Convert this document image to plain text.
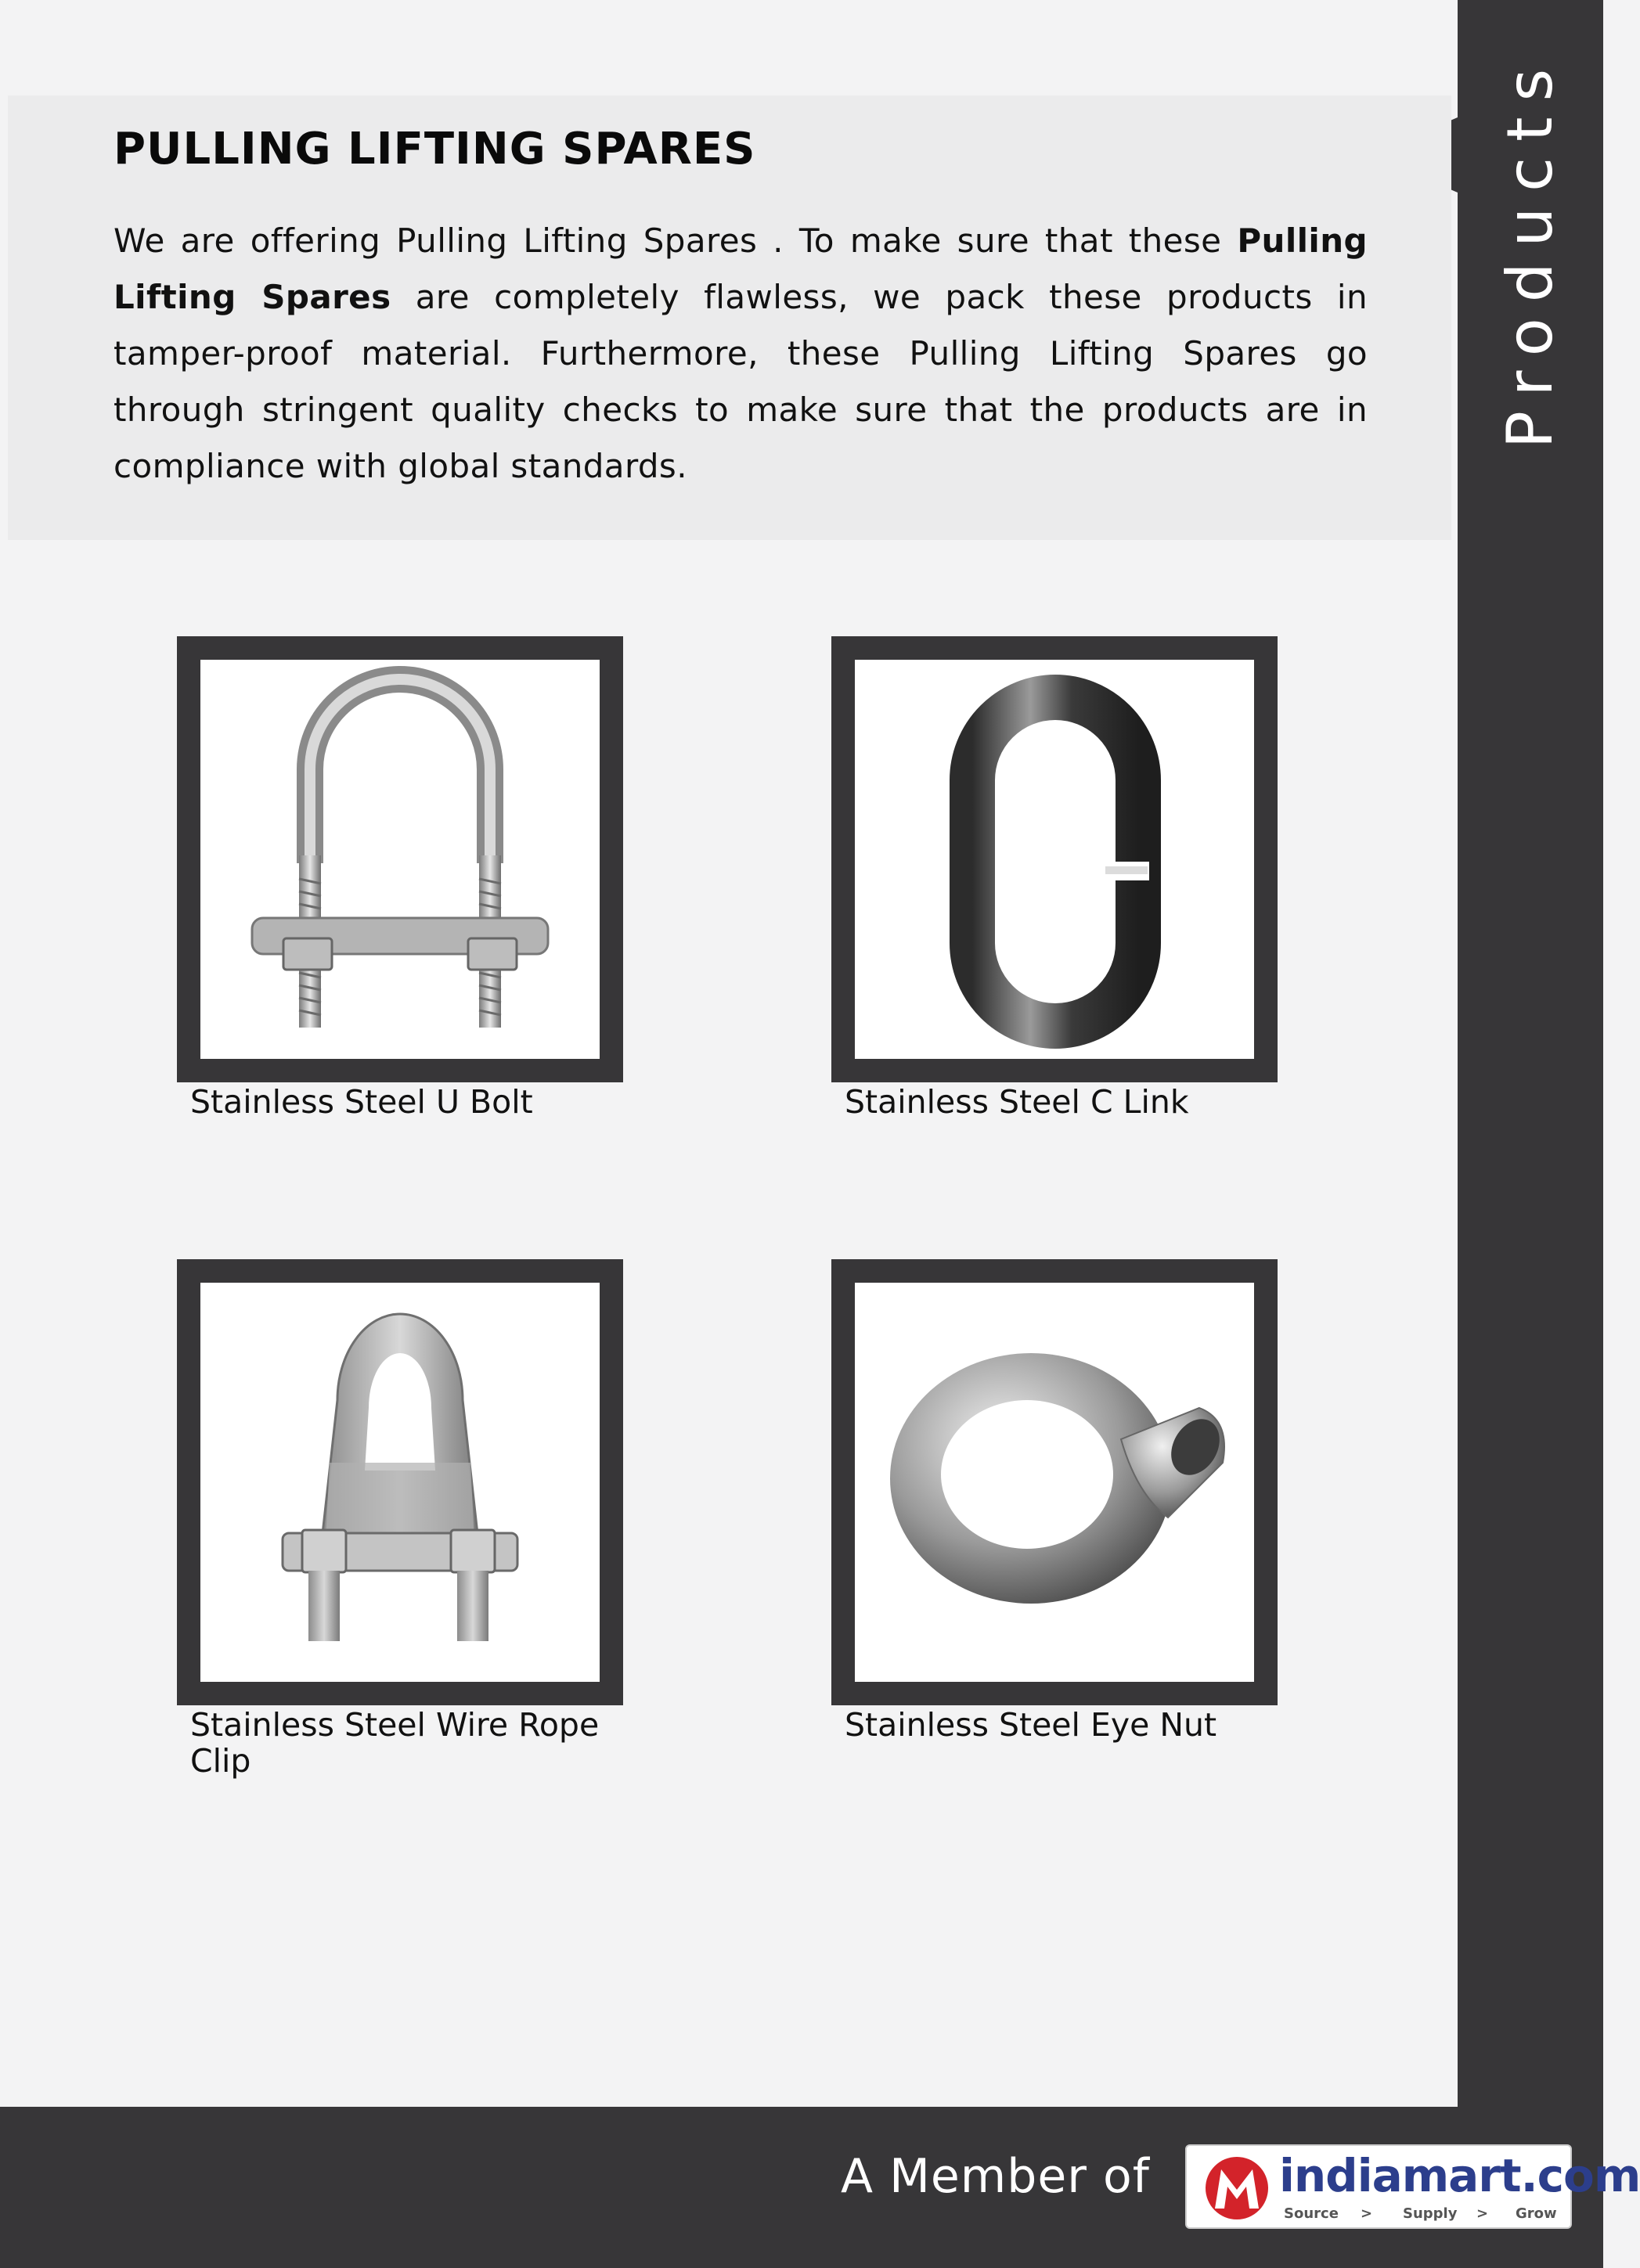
Products
PULLING LIFTING SPARES

We are offering Pulling Lifting Spares . To make sure that these Pulling Lifting Spares are completely flawless, we pack these products in tamper-proof material. Furthermore, these Pulling Lifting Spares go through stringent quality checks to make sure that the products are in compliance with global standards.

Stainless Steel U Bolt	Stainless Steel C Link

Stainless Steel Wire Rope Clip

Stainless Steel Eye Nut

A Member of	indiamart.com
Source > Supply > Grow
